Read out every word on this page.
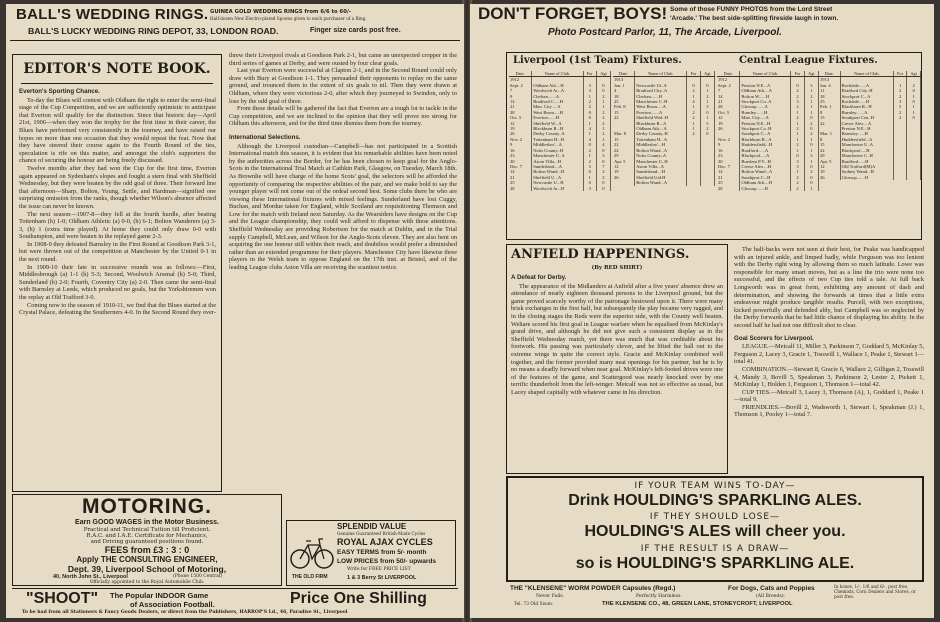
BALL'S WEDDING RINGS. GUINEA GOLD WEDDING RINGS from 6/6 to 60/-
Half-dozen New Electro-plated Spoons given to each purchaser of a Ring.
BALL'S LUCKY WEDDING RING DEPOT, 33, LONDON ROAD.	Finger size cards post free.
EDITOR'S NOTE BOOK.
Everton's Sporting Chance.

To-day the Blues will contest with Oldham the right to enter the semi-final stage of the Cup Competition, and we are sufficiently optimistic to anticipate that Everton will qualify for the distinction. Since that historic day—April 21st, 1906—when they won the trophy for the first time in their career, the Blues have performed very consistently in the tourney, and have raised our hopes on more than one occasion that they would repeat the feat. Now that they have steered their course again to the Fourth Round of the ties, speculation is rife on this matter, and amongst the club's supporters the chance of securing the honour are being freely discussed.

Twelve months after they had won the Cup for the first time, Everton again appeared on Sydenham's slopes and fought a stern final with Sheffield Wednesday, but they were beaten by the odd goal of three. Their forward line that afternoon—Sharp, Bolton, Young, Settle, and Hardman—signified one surprising omission from the ranks, though whether Wilson's absence affected the issue can never be known.

The next season—1907-8—they fell at the fourth hurdle, after beating Tottenham (h) 1-0; Oldham Athletic (a) 0-0, (h) 6-1; Bolton Wanderers (a) 3-3, (h) 1 (extra time played). At home they could only draw 0-0 with Southampton, and were beaten in the replayed game 2-3.

In 1908-9 they defeated Barnsley in the First Round at Goodison Park 3-1, but were thrown out of the competition at Manchester by the United 0-1 in the next round.

In 1909-10 their fate in successive rounds was as follows:—First, Middlesbrough (a) 1-1 (h) 5-3; Second, Woolwich Arsenal (h) 5-0; Third, Sunderland (h) 2-0; Fourth, Coventry City (a) 2-0. Then came the semi-final with Barnsley at Leeds, which produced no goals, but the Yorkshiremen won the replay at Old Trafford 3-0.

Coming now to the season of 1910-11, we find that the Blues started at the Crystal Palace, defeating the Southerners 4-0. In the Second Round they over-

threw their Liverpool rivals at Goodison Park 2-1, but came an unexpected cropper in the third series of games at Derby, and were ousted by four clear goals.

Last year Everton were successful at Clapton 2-1, and in the Second Round could only draw with Bury at Goodison 1-1. They persuaded their opponents to replay on the same ground, and trounced them to the extent of six goals to nil. Then they were drawn at Oldham, where they were victorious 2-0, after which they journeyed to Swindon, only to lose by the odd goal of three.

From these details will be gathered the fact that Everton are a tough lot to tackle in the Cup competition, and we are inclined to the opinion that they will prove too strong for Oldham this afternoon, and for the third time dismiss them from the tourney.

International Selections.

Although the Liverpool custodian—Campbell—has not participated in a Scottish International match this season, it is evident that his remarkable abilities have been noted by the authorities across the Border, for he has been chosen to keep goal for the Anglo-Scots in the International Trial Match at Cathkin Park, Glasgow, on Tuesday, March 18th. As Brownlie will have charge of the home Scots' goal, the selectors will be afforded the opportunity of comparing the respective abilities of the pair, and we make bold to say the younger player will not come out of the ordeal second best. Some clubs there be who are viewing these International fixtures with mixed feelings. Sunderland have lost Cuggy, Buchan, and Mordue taken for England, while Scotland are requisitioning Thomson and Low for the match with Ireland next Saturday. As the Wearsiders have designs on the Cup and the League championship, they could well afford to dispense with these attentions. Sheffield Wednesday are providing Robertson for the match at Dublin, and in the Trial supply Campbell, McLean, and Wilson for the Anglo-Scots eleven. They are also bent on acquiring the one honour still within their reach, and doubtless would prefer a diminished rather than an extended programme for their players. Manchester City have likewise three players in the Welsh team to oppose England on the 17th inst. at Bristol, and of the leading League clubs Aston Villa are receiving the scantiest notice.

MOTORING.
Earn GOOD WAGES in the Motor Business.
Practical and Technical Tuition till Proficient.
R.A.C. and I.A.E. Certificate for Mechanics,
and Driving guaranteed positions found.
FEES from £3 : 3 : 0
Apply THE CONSULTING ENGINEER,
Dept. 39, Liverpool School of Motoring,
40, North John St., Liverpool	(Phone 1500 Central)
Officially appointed to the Royal Automobile Club.
SPLENDID VALUE
Genuine Guaranteed British-Made Cycles
ROYAL AJAX CYCLES
EASY TERMS from 5/- month
LOW PRICES from 50/- upwards
Write for FREE PRICE LIST
THE OLD FIRM	1 & 3 Berry St LIVERPOOL
"SHOOT" The Popular INDOOR Game
of Association Football.	Price One Shilling
To be had from all Stationers & Fancy Goods Dealers, or direct from the Publishers, HARROP'S Ld., 46, Paradise St., Liverpool
DON'T FORGET, BOYS! Some of those FUNNY PHOTOS from the Lord Street
'Arcade.' The best side-splitting fireside laugh in town.
Photo Postcard Parlor, 11, The Arcade, Liverpool.
Liverpool (1st Team) Fixtures.	Central League Fixtures.
Date.	Name of Club.	For	Agt
1912			
Sept. 2	Oldham Ath....H	3	0
7	Woolwich Ar...A	3	0
9	Chelsea.......A	1	2
14	Bradford C.....H	2	1
21	Man. City.....A	2	1
28	West Brom.....H	0	2
Oct. 5	Everton.......H	0	2
12	Sheffield W...A	1	2
19	Blackburn R...H	4	1
26	Derby County..A	1	2
Nov. 2	Tottenham H...H	4	1
9	Middlesbro'...A	0	4
16	Notts County..H	2	0
23	Manchester U..A	1	3
30	Aston Villa...H	2	0
Dec. 7	Sunderland....A	3	7
14	Bolton Wand...H	0	2
21	Sheffield U...A	1	2
25	Newcastle U...H	0	0
28	Woolwich Ar...H	3	0
Date.	Name of Club.	For	Agt
1913			
Jan. 1	Newcastle Ut..A	0	0
4	Bradford City..A	2	1
18	Chelsea.......H	1	2
25	Manchester C..H	4	1
Feb. 8	West Brom.....A	1	3
15	Everton.......A	2	0
22	Sheffield Wed..H	2	1
	Blackburn R...A	1	5
	Oldham Ath....A	1	2
Mar. 8	Derby County..H	2	0
15	Tottenham H...A		
22	Middlesbro'...H		
24	Bolton Wand...A		
29	Notts County..A		
Apr. 5	Manchester U..H		
12	Aston Villa...A		
19	Sunderland....H		
26	Sheffield Utd.H		
	Bolton Wand...A		
Date.	Name of Club.	For	Agt
1912			
Sept. 2	Preston N.E...A	0	3
7	Oldham Ath....A	2	1
14	Bolton W......H	2	2
21	Stockport Co..A	3	1
28	Glossop.......A	2	1
Oct. 5	Burnley.......H	1	1
12	Man. City.....A	2	0
19	Preston N.E...H	1	2
26	Stockport Co..H	2	0
	Southport C...A	1	2
Nov. 2	Blackburn R...A	1	1
9	Huddersfield...H	2	0
16	Bradford......A	1	1
23	Blackpool.....A	0	3
30	Burslem P.V...H	3	1
Dec. 7	Crewe Alex....H	3	0
14	Bolton Wand...A	1	2
21	Southport C...H	2	0
25	Oldham Ath....H	2	0
28	Glossop.......H	2	1
Date.	Name of Club.	For	Agt
1913			
Jan. 4	Rochdale......A	1	2
11	Bradford City..H	2	0
18	Stockport C...A	2	1
25	Rochdale......H	3	0
Feb. 1	Blackburn R...H	5	1
8	Burnley.......A	2	1
15	Southport Cen..H	2	0
22	Crewe Alex....A		
	Preston N.E...H		
Mar. 1	Barnsley......H		
8	Huddersfield...A		
15	Manchester U..A		
22	Blackpool.....H		
29	Manchester C..H		
Apr. 5	Bradford......H		
12	Old Trafford(M)A		
19	Sydney Wand...H		
26	Glossop.......H		
ANFIELD HAPPENINGS.
(By RED SHIRT)
A Defeat for Derby.

The appearance of the Midlanders at Anfield after a five years' absence drew an attendance of nearly eighteen thousand persons to the Liverpool ground, but the game proved scarcely worthy of the patronage bestowed upon it. There were many brisk exchanges in the first half, but subsequently the play became very ragged, and in the closing stages the Reds were the superior side, with the County well beaten. Weltare scored his first goal in League warfare when he equalised from McKinlay's grand drive, and although he did not give such a consistent display as in the Sheffield Wednesday match, yet there was much that was creditable about his footwork. His passing was particularly clever, and he lifted the ball out to the extreme wings in quite the correct style. Gracie and McKinlay combined well together, and the former provided many neat openings for his partner, but he is by no means a deadly forward when near goal. McKinlay's left-footed drives were one of the features of the game, and Scattergood was nearly knocked over by one terrific thunderbolt from the left-winger. Metcalf was not so effective as usual, but Lacey shaped capitally with whatever came in his direction.

The half-backs were not seen at their best, for Peake was handicapped with an injured ankle, and limped badly, while Ferguson was too lenient with the Derby right wing by allowing them so much latitude. Lowe was responsible for many smart moves, but as a line the trio were none too successful, and the effects of two Cup ties told a tale. At full back Longworth was in great form, exhibiting any amount of dash and determination, and showing the forwards at times that a little extra endeavour might produce tangible results. Purcell, with two exceptions, kicked powerfully and defended ably, but Campbell was so neglected by the Derby forwards that he had little chance of displaying his ability. In the second half he had not one difficult shot to clear.

Goal Scorers for Liverpool.

LEAGUE.—Metcalf 11, Miller 3, Parkinson 7, Goddard 5, McKinlay 5, Ferguson 2, Lacey 3, Gracie 1, Tosswill 1, Wallace 1, Peake 1, Stewart 1—total 41.

COMBINATION.—Stewart 8, Gracie 6, Wallace 2, Gilligan 2, Tosswill 4, Mandy 3, Bovill 5, Speakman 3, Parkinson 2, Lester 2, Pickett 1, McKinlay 1, Holden 1, Ferguson 1, Thomson 1—total 42.

CUP TIES.—Metcalf 3, Lacey 3, Thomson (A), 1, Goddard 1, Peake 1—total 9.

FRIENDLIES.—Bovill 2, Wadsworth 1, Stewart 1, Speakman (J.) 1, Thomson 1, Pooley 1—total 7.

IF YOUR TEAM WINS TO-DAY—
Drink HOULDING'S SPARKLING ALES.
IF THEY SHOULD LOSE—
HOULDING'S ALES will cheer you.
IF THE RESULT IS A DRAW—
so is HOULDING'S SPARKLING ALE.
THE "KLENSENE" WORM POWDER Capsules (Regd.)	For Dogs, Cats and Poppies
Never Fails.	Perfectly Harmless.	(All Breeds).
Tel. 73 Old Swan.	THE KLENSENE CO., 48, GREEN LANE, STONEYCROFT, LIVERPOOL
In boxes, 1/-, 1/6 and 6/-, post free, Chemists, Corn Dealers and Stores, or post free.
